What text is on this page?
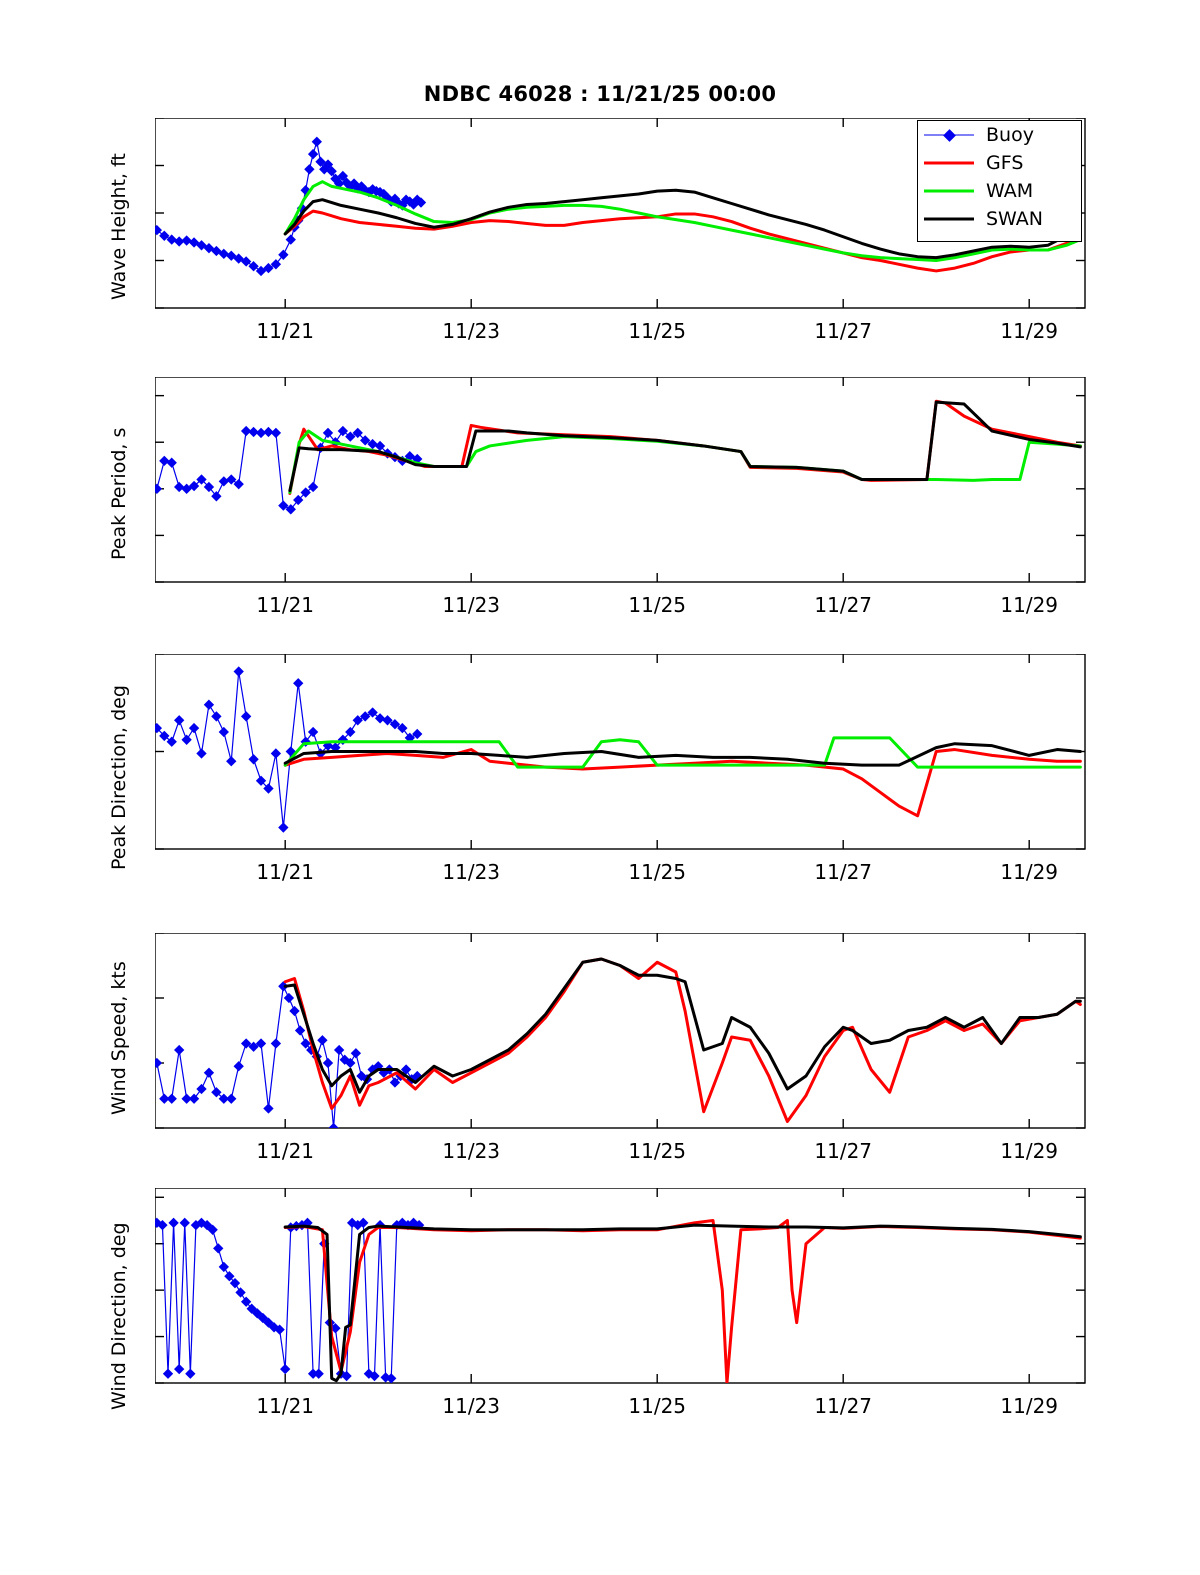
NDBC 46028 : 11/21/25 00:00
11/21	11/23	11/25	11/27	11/29
Wave Height, ft
11/21	11/23	11/25	11/27	11/29
Peak Period, s
11/21	11/23	11/25	11/27	11/29
Peak Direction, deg
11/21	11/23	11/25	11/27	11/29
Wind Speed, kts
11/21	11/23	11/25	11/27	11/29
Wind Direction, deg
Buoy
GFS
WAM
SWAN
